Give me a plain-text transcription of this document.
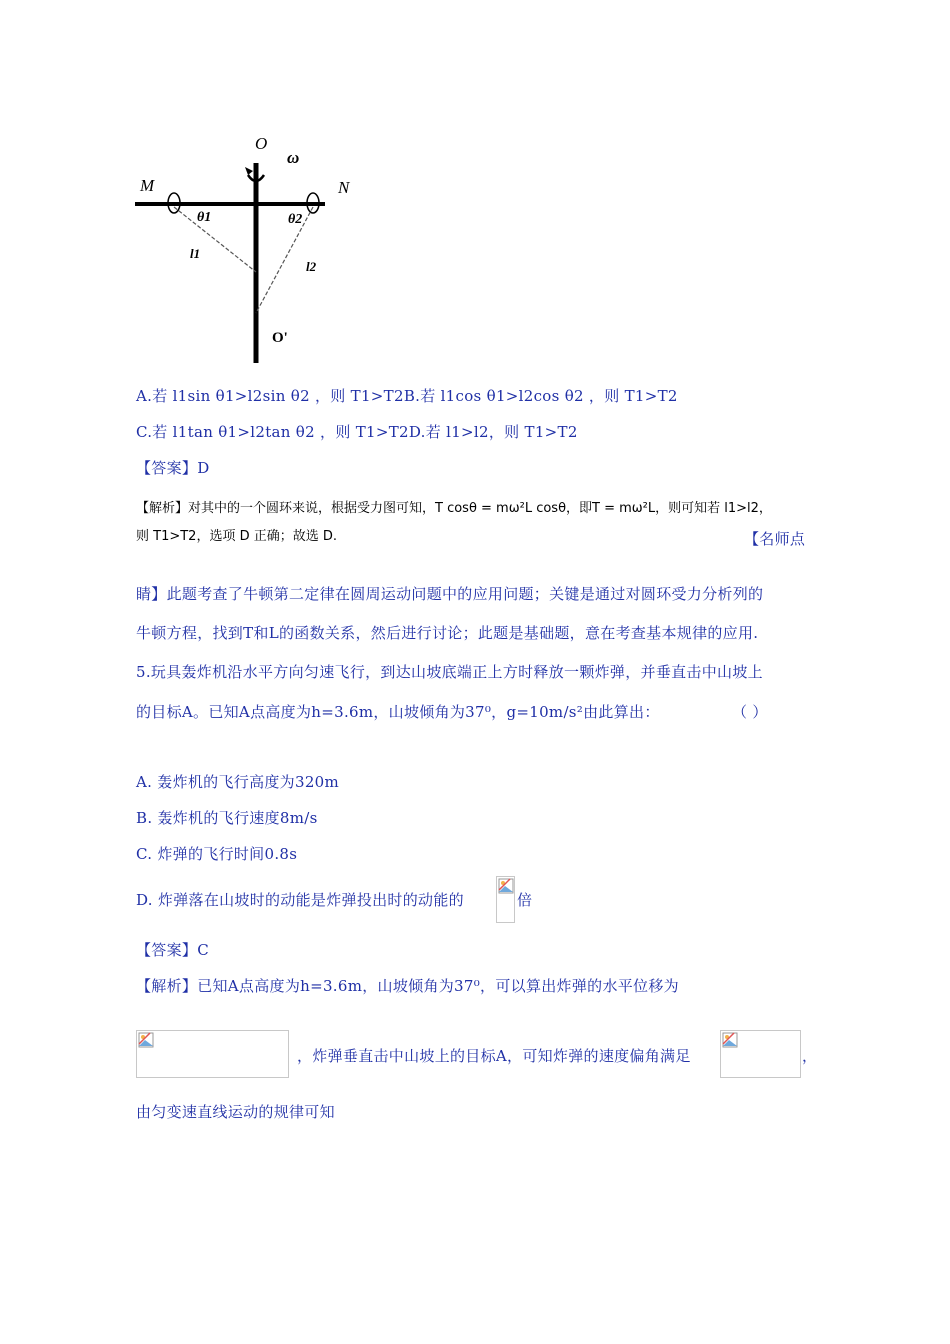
O
ω
M	N
θ1	θ2
l1
l2
O'
A.若 l1sin θ1>l2sin θ2 ，则 T1>T2B.若 l1cos θ1>l2cos θ2 ，则 T1>T2
C.若 l1tan θ1>l2tan θ2 ，则 T1>T2D.若 l1>l2，则 T1>T2
【答案】D
【解析】对其中的一个圆环来说，根据受力图可知，T cosθ = mω²L cosθ，即T = mω²L，则可知若 l1>l2，
则 T1>T2，选项 D 正确；故选 D.	【名师点
睛】此题考查了牛顿第二定律在圆周运动问题中的应用问题；关键是通过对圆环受力分析列的
牛顿方程，找到T和L的函数关系，然后进行讨论；此题是基础题，意在考查基本规律的应用.
5.玩具轰炸机沿水平方向匀速飞行，到达山坡底端正上方时释放一颗炸弹，并垂直击中山坡上
的目标A。已知A点高度为h=3.6m，山坡倾角为37⁰，g=10m/s²由此算出：	（ ）
A. 轰炸机的飞行高度为320m
B. 轰炸机的飞行速度8m/s
C. 炸弹的飞行时间0.8s
D. 炸弹落在山坡时的动能是炸弹投出时的动能的	倍
【答案】C
【解析】已知A点高度为h=3.6m，山坡倾角为37⁰，可以算出炸弹的水平位移为
，炸弹垂直击中山坡上的目标A，可知炸弹的速度偏角满足	，
由匀变速直线运动的规律可知
